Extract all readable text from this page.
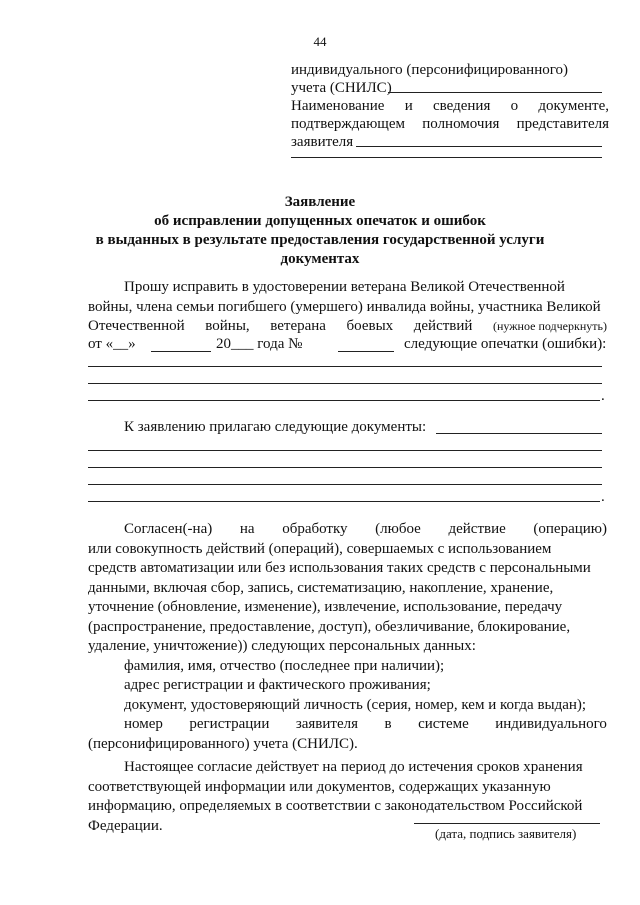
44
индивидуального (персонифицированного)
учета (СНИЛС)
Наименование и сведения о документе,
подтверждающем полномочия представителя
заявителя
Заявление
об исправлении допущенных опечаток и ошибок
в выданных в результате предоставления государственной услуги
документах
Прошу исправить в удостоверении ветерана Великой Отечественной
войны, члена семьи погибшего (умершего) инвалида войны, участника Великой
Отечественной войны, ветерана боевых действий (нужное подчеркнуть)
от «__»	20___ года №	следующие опечатки (ошибки):
.
К заявлению прилагаю следующие документы:
.
Согласен(-на) на обработку (любое действие (операцию)
или совокупность действий (операций), совершаемых с использованием
средств автоматизации или без использования таких средств с персональными
данными, включая сбор, запись, систематизацию, накопление, хранение,
уточнение (обновление, изменение), извлечение, использование, передачу
(распространение, предоставление, доступ), обезличивание, блокирование,
удаление, уничтожение)) следующих персональных данных:
фамилия, имя, отчество (последнее при наличии);
адрес регистрации и фактического проживания;
документ, удостоверяющий личность (серия, номер, кем и когда выдан);
номер регистрации заявителя в системе индивидуального
(персонифицированного) учета (СНИЛС).
Настоящее согласие действует на период до истечения сроков хранения
соответствующей информации или документов, содержащих указанную
информацию, определяемых в соответствии с законодательством Российской
Федерации.	(дата, подпись заявителя)
